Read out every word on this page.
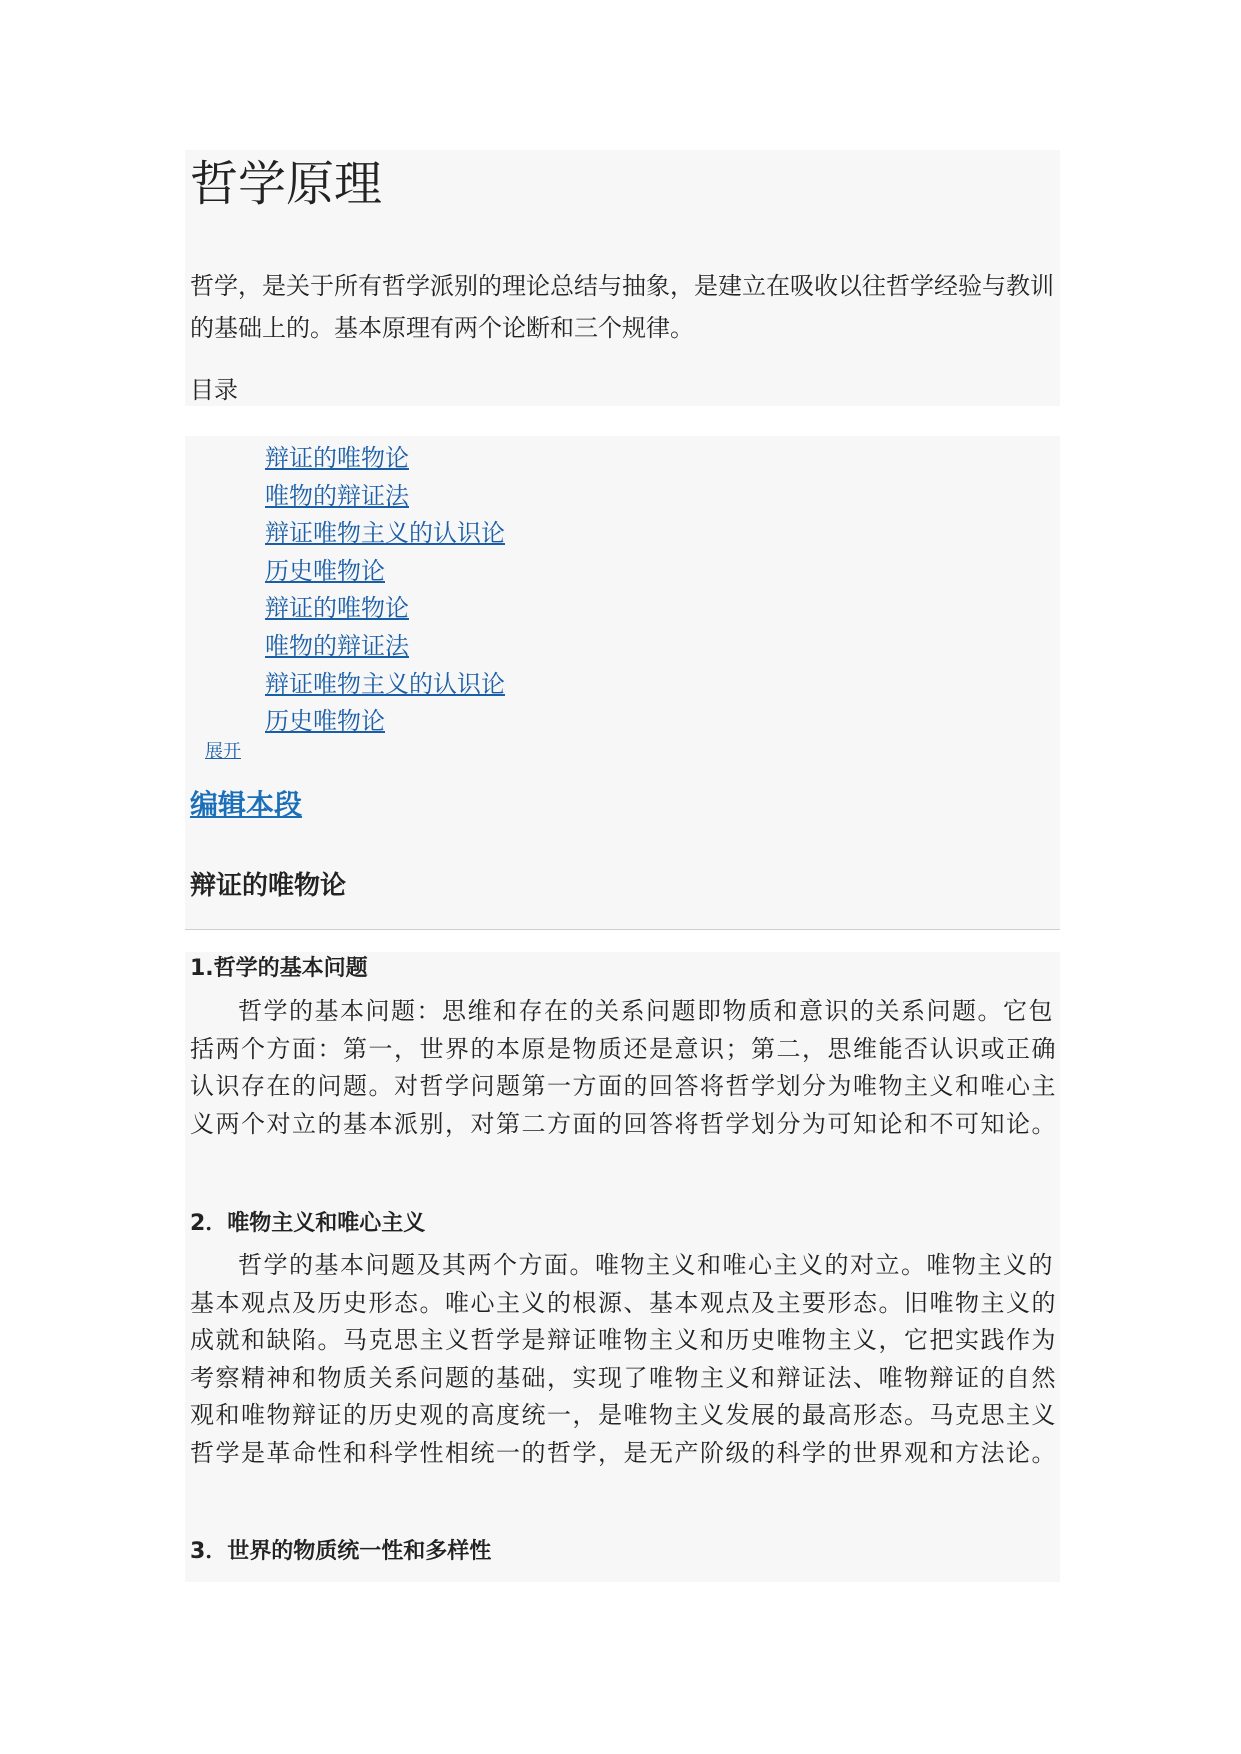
哲学原理

哲学，是关于所有哲学派别的理论总结与抽象，是建立在吸收以往哲学经验与教训的基础上的。基本原理有两个论断和三个规律。

目录

辩证的唯物论
唯物的辩证法
辩证唯物主义的认识论
历史唯物论
辩证的唯物论
唯物的辩证法
辩证唯物主义的认识论
历史唯物论
展开
编辑本段
辩证的唯物论
1.哲学的基本问题

哲学的基本问题：思维和存在的关系问题即物质和意识的关系问题。它包括两个方面：第一，世界的本原是物质还是意识；第二，思维能否认识或正确认识存在的问题。对哲学问题第一方面的回答将哲学划分为唯物主义和唯心主义两个对立的基本派别，对第二方面的回答将哲学划分为可知论和不可知论。

2．唯物主义和唯心主义

哲学的基本问题及其两个方面。唯物主义和唯心主义的对立。唯物主义的基本观点及历史形态。唯心主义的根源、基本观点及主要形态。旧唯物主义的成就和缺陷。马克思主义哲学是辩证唯物主义和历史唯物主义，它把实践作为考察精神和物质关系问题的基础，实现了唯物主义和辩证法、唯物辩证的自然观和唯物辩证的历史观的高度统一，是唯物主义发展的最高形态。马克思主义哲学是革命性和科学性相统一的哲学，是无产阶级的科学的世界观和方法论。

3．世界的物质统一性和多样性
